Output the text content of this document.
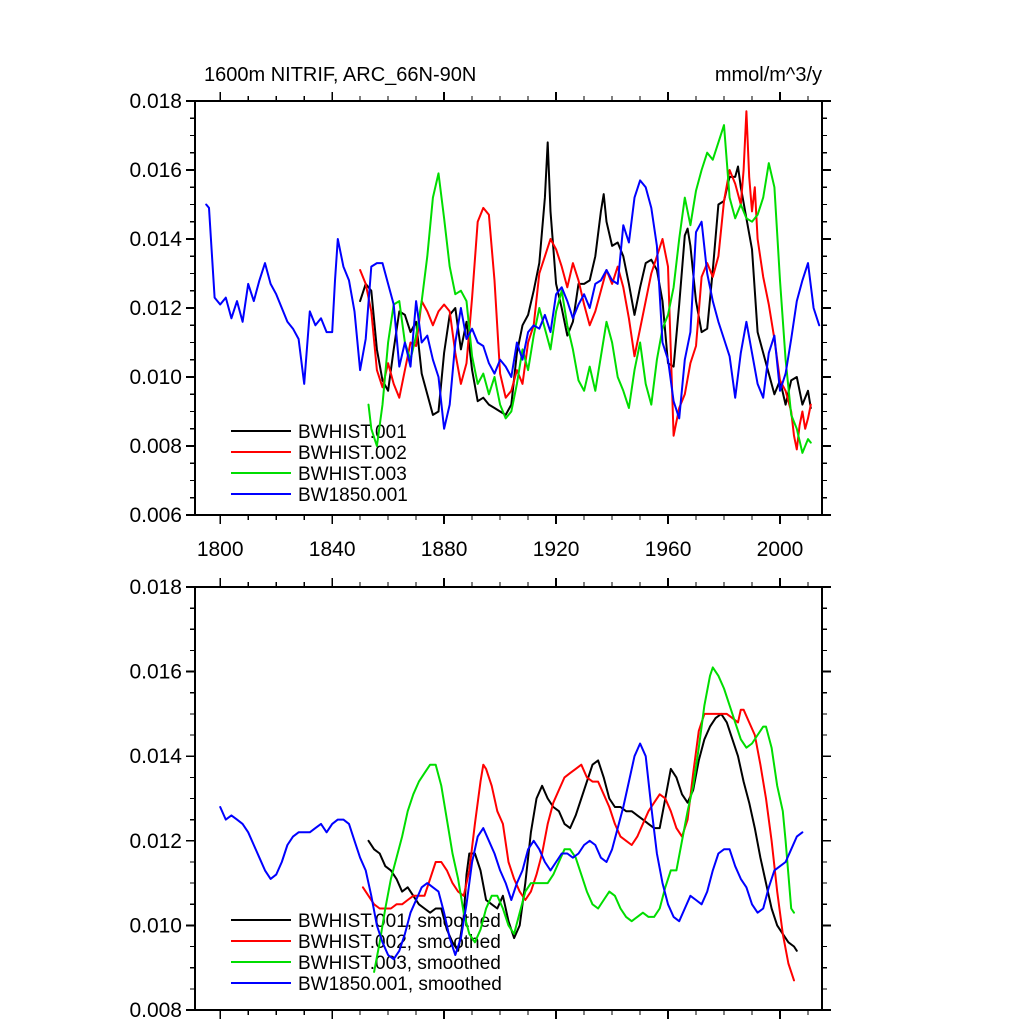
1600m NITRIF, ARC_66N-90N	mmol/m^3/y
1800	1840	1880	1920	1960	2000
0.006
0.008
0.010
0.012
0.014
0.016
0.018
BWHIST.001
BWHIST.002
BWHIST.003
BW1850.001
0.008
0.010
0.012
0.014
0.016
0.018
BWHIST.001, smoothed
BWHIST.002, smoothed
BWHIST.003, smoothed
BW1850.001, smoothed
